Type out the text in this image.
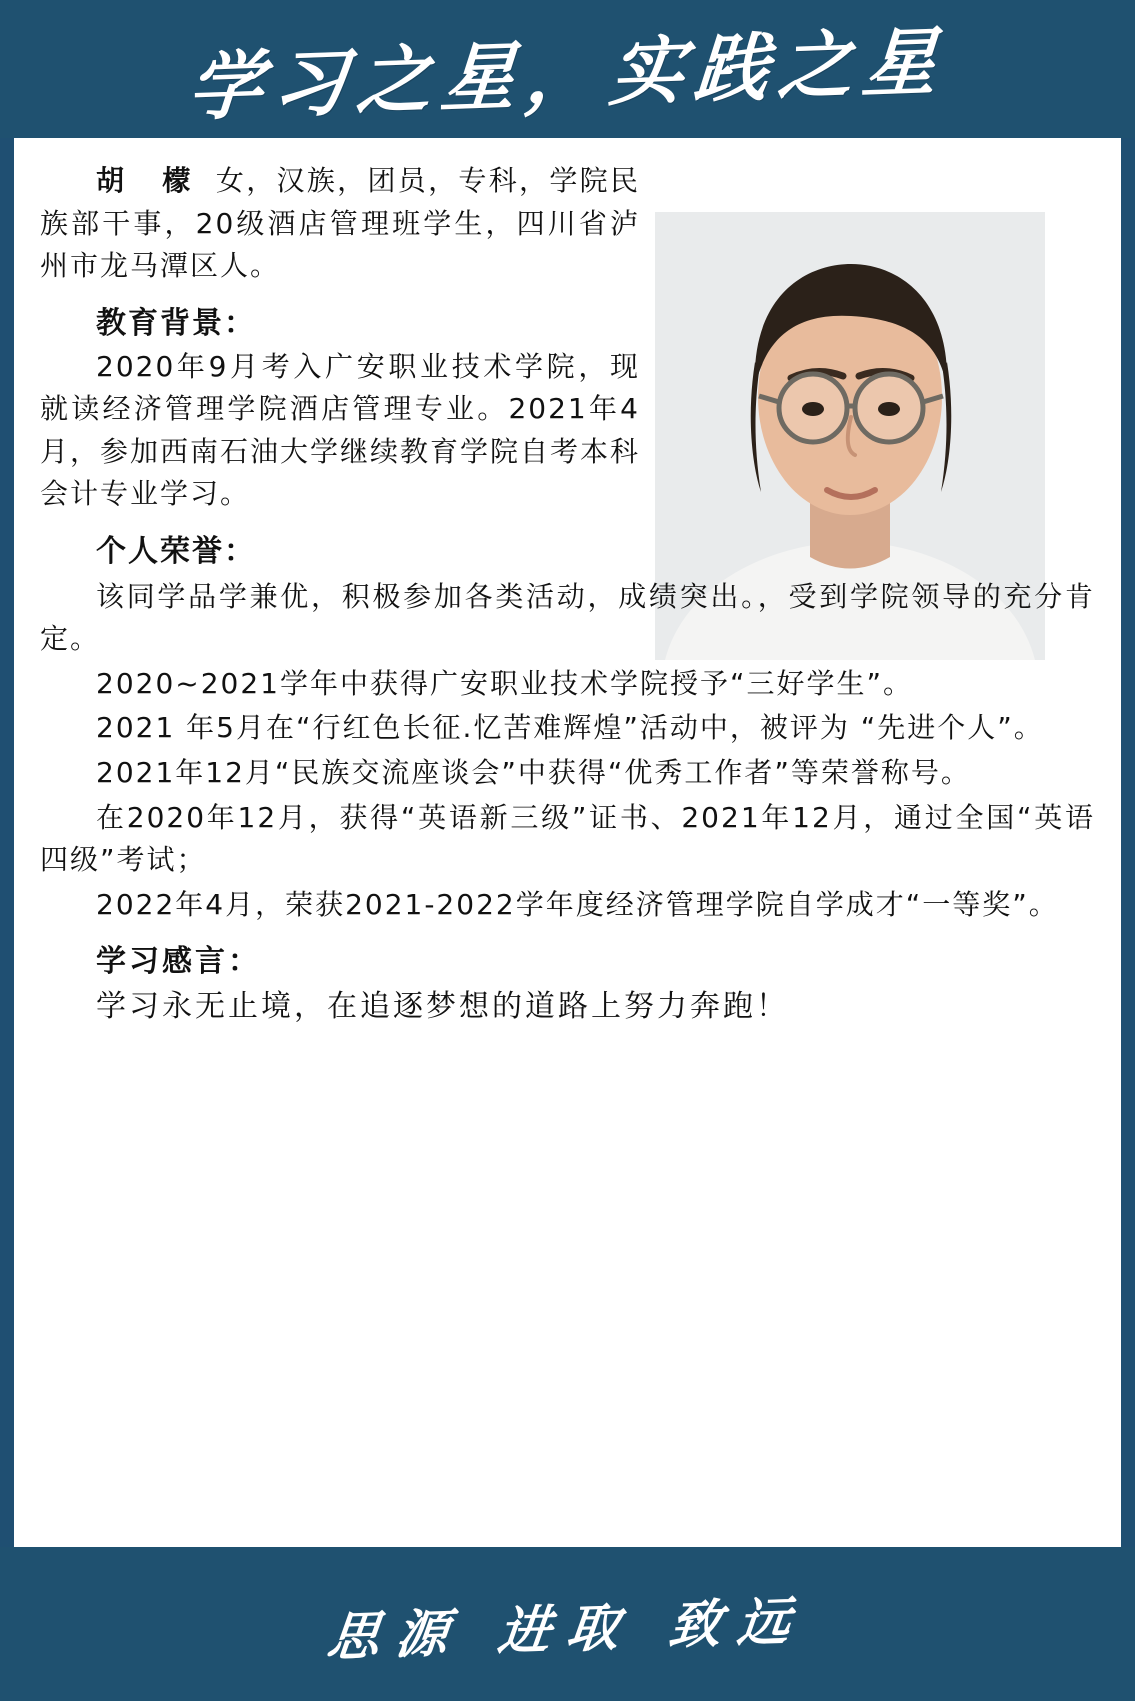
学习之星，实践之星

胡 檬 女，汉族，团员，专科，学院民族部干事，20级酒店管理班学生，四川省泸州市龙马潭区人。

教育背景：

2020年9月考入广安职业技术学院，现就读经济管理学院酒店管理专业。2021年4月，参加西南石油大学继续教育学院自考本科会计专业学习。

个人荣誉：

该同学品学兼优，积极参加各类活动，成绩突出。，受到学院领导的充分肯定。

2020~2021学年中获得广安职业技术学院授予“三好学生”。

2021 年5月在“行红色长征.忆苦难辉煌”活动中，被评为 “先进个人”。

2021年12月“民族交流座谈会”中获得“优秀工作者”等荣誉称号。

在2020年12月，获得“英语新三级”证书、2021年12月，通过全国“英语四级”考试；

2022年4月，荣获2021-2022学年度经济管理学院自学成才“一等奖”。

学习感言：

学习永无止境，在追逐梦想的道路上努力奔跑！

思源 进取 致远
